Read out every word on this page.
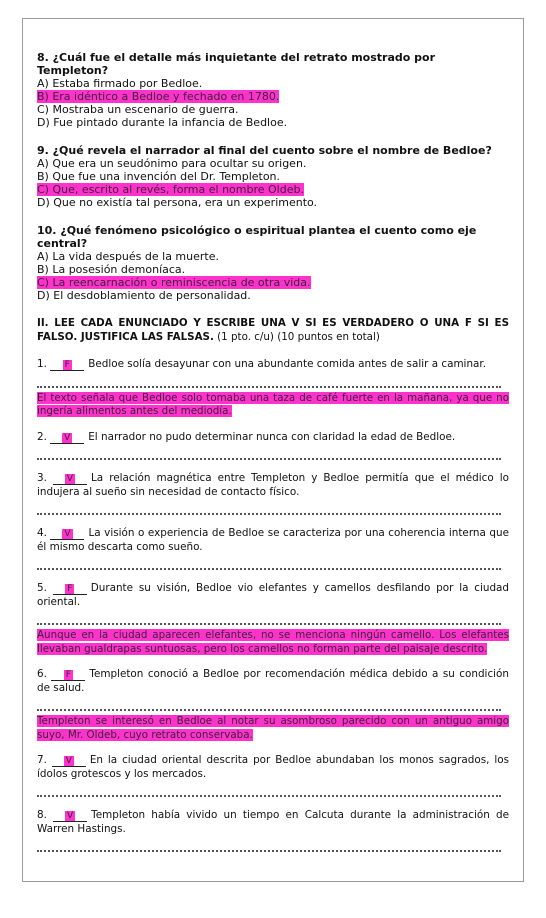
8. ¿Cuál fue el detalle más inquietante del retrato mostrado por Templeton?
A) Estaba firmado por Bedloe.
B) Era idéntico a Bedloe y fechado en 1780.
C) Mostraba un escenario de guerra.
D) Fue pintado durante la infancia de Bedloe.
9. ¿Qué revela el narrador al final del cuento sobre el nombre de Bedloe?
A) Que era un seudónimo para ocultar su origen.
B) Que fue una invención del Dr. Templeton.
C) Que, escrito al revés, forma el nombre Oldeb.
D) Que no existía tal persona, era un experimento.
10. ¿Qué fenómeno psicológico o espiritual plantea el cuento como eje central?
A) La vida después de la muerte.
B) La posesión demoníaca.
C) La reencarnación o reminiscencia de otra vida.
D) El desdoblamiento de personalidad.
II. LEE CADA ENUNCIADO Y ESCRIBE UNA V SI ES VERDADERO O UNA F SI ES FALSO. JUSTIFICA LAS FALSAS. (1 pto. c/u) (10 puntos en total)
1. F Bedloe solía desayunar con una abundante comida antes de salir a caminar.
El texto señala que Bedloe solo tomaba una taza de café fuerte en la mañana, ya que no ingería alimentos antes del mediodía.
2. V El narrador no pudo determinar nunca con claridad la edad de Bedloe.
3. V La relación magnética entre Templeton y Bedloe permitía que el médico lo indujera al sueño sin necesidad de contacto físico.
4. V La visión o experiencia de Bedloe se caracteriza por una coherencia interna que él mismo descarta como sueño.
5. F Durante su visión, Bedloe vio elefantes y camellos desfilando por la ciudad oriental.
Aunque en la ciudad aparecen elefantes, no se menciona ningún camello. Los elefantes llevaban gualdrapas suntuosas, pero los camellos no forman parte del paisaje descrito.
6. F Templeton conoció a Bedloe por recomendación médica debido a su condición de salud.
Templeton se interesó en Bedloe al notar su asombroso parecido con un antiguo amigo suyo, Mr. Oldeb, cuyo retrato conservaba.
7. V En la ciudad oriental descrita por Bedloe abundaban los monos sagrados, los ídolos grotescos y los mercados.
8. V Templeton había vivido un tiempo en Calcuta durante la administración de Warren Hastings.
